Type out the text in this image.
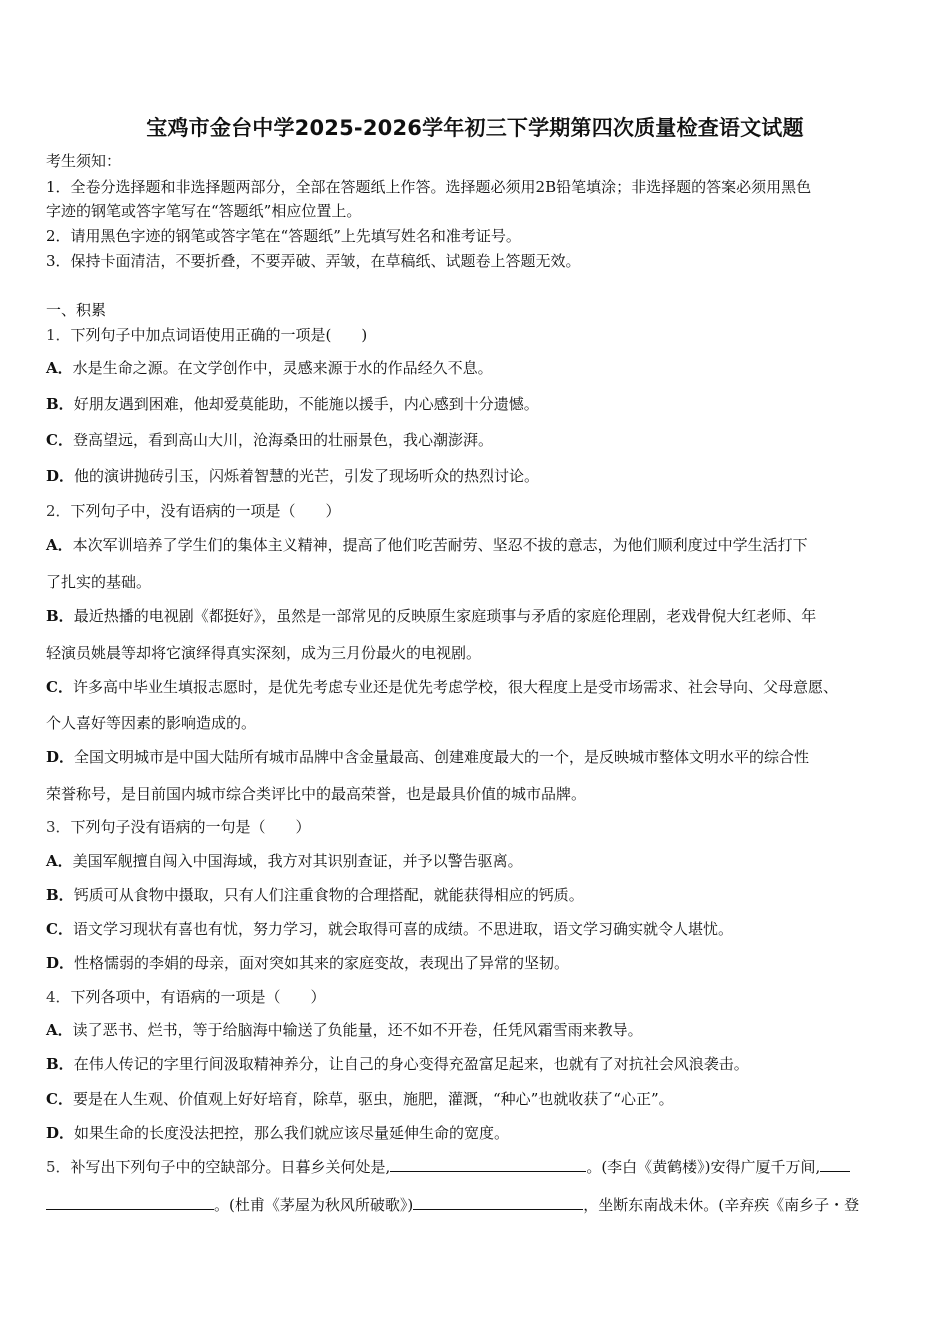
宝鸡市金台中学2025-2026学年初三下学期第四次质量检查语文试题
考生须知：
1．全卷分选择题和非选择题两部分，全部在答题纸上作答。选择题必须用2B铅笔填涂；非选择题的答案必须用黑色
字迹的钢笔或答字笔写在“答题纸”相应位置上。
2．请用黑色字迹的钢笔或答字笔在“答题纸”上先填写姓名和准考证号。
3．保持卡面清洁，不要折叠，不要弄破、弄皱，在草稿纸、试题卷上答题无效。
一、积累
1．下列句子中加点词语使用正确的一项是(　　)
A．水是生命之源。在文学创作中，灵感来源于水的作品经久不息。
B．好朋友遇到困难，他却爱莫能助，不能施以援手，内心感到十分遗憾。
C．登高望远，看到高山大川，沧海桑田的壮丽景色，我心潮澎湃。
D．他的演讲抛砖引玉，闪烁着智慧的光芒，引发了现场听众的热烈讨论。
2．下列句子中，没有语病的一项是（　　）
A．本次军训培养了学生们的集体主义精神，提高了他们吃苦耐劳、坚忍不拔的意志，为他们顺利度过中学生活打下
了扎实的基础。
B．最近热播的电视剧《都挺好》，虽然是一部常见的反映原生家庭琐事与矛盾的家庭伦理剧，老戏骨倪大红老师、年
轻演员姚晨等却将它演绎得真实深刻，成为三月份最火的电视剧。
C．许多高中毕业生填报志愿时，是优先考虑专业还是优先考虑学校，很大程度上是受市场需求、社会导向、父母意愿、
个人喜好等因素的影响造成的。
D．全国文明城市是中国大陆所有城市品牌中含金量最高、创建难度最大的一个，是反映城市整体文明水平的综合性
荣誉称号，是目前国内城市综合类评比中的最高荣誉，也是最具价值的城市品牌。
3．下列句子没有语病的一句是（　　）
A．美国军舰擅自闯入中国海域，我方对其识别查证，并予以警告驱离。
B．钙质可从食物中摄取，只有人们注重食物的合理搭配，就能获得相应的钙质。
C．语文学习现状有喜也有忧，努力学习，就会取得可喜的成绩。不思进取，语文学习确实就令人堪忧。
D．性格懦弱的李娟的母亲，面对突如其来的家庭变故，表现出了异常的坚韧。
4．下列各项中，有语病的一项是（　　）
A．读了恶书、烂书，等于给脑海中输送了负能量，还不如不开卷，任凭风霜雪雨来教导。
B．在伟人传记的字里行间汲取精神养分，让自己的身心变得充盈富足起来，也就有了对抗社会风浪袭击。
C．要是在人生观、价值观上好好培育，除草，驱虫，施肥，灌溉，“种心”也就收获了“心正”。
D．如果生命的长度没法把控，那么我们就应该尽量延伸生命的宽度。
5．补写出下列句子中的空缺部分。日暮乡关何处是,	。(李白《黄鹤楼》)安得广厦千万间,
。(杜甫《茅屋为秋风所破歌》)	，坐断东南战未休。(辛弃疾《南乡子・登
